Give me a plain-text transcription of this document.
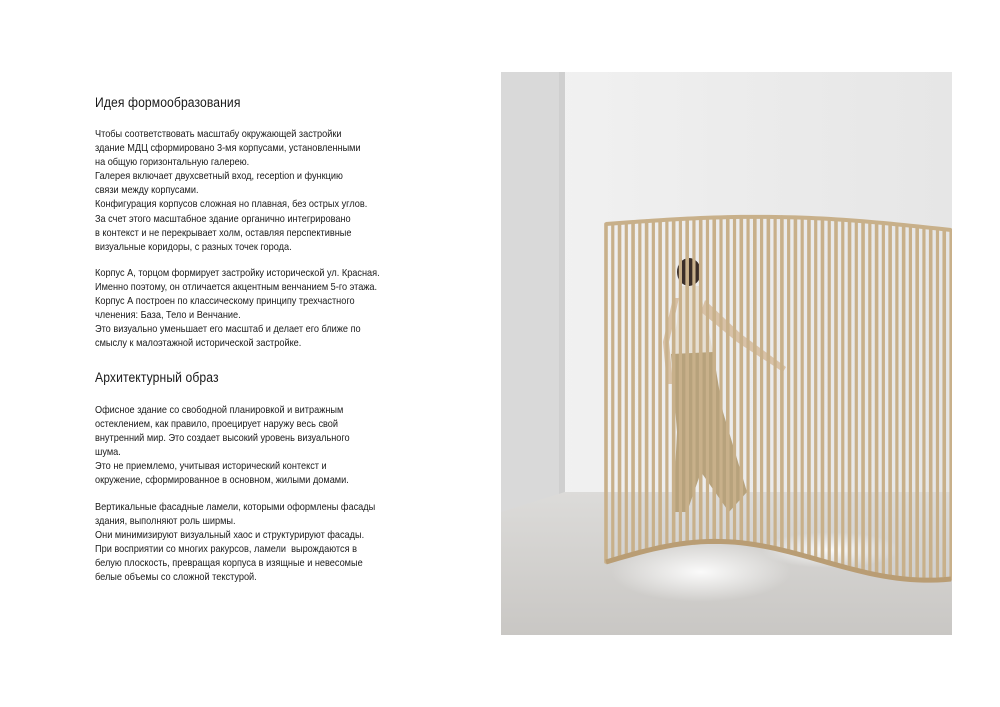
Идея формообразования

Чтобы соответствовать масштабу окружающей застройки
здание МДЦ сформировано 3-мя корпусами, установленными
на общую горизонтальную галерею.
Галерея включает двухсветный вход, reception и функцию
связи между корпусами.
Конфигурация корпусов сложная но плавная, без острых углов.
За счет этого масштабное здание органично интегрировано
в контекст и не перекрывает холм, оставляя перспективные
визуальные коридоры, с разных точек города.

Корпус А, торцом формирует застройку исторической ул. Красная.
Именно поэтому, он отличается акцентным венчанием 5-го этажа.
Корпус А построен по классическому принципу трехчастного
членения: База, Тело и Венчание.
Это визуально уменьшает его масштаб и делает его ближе по
смыслу к малоэтажной исторической застройке.

Архитектурный образ

Офисное здание со свободной планировкой и витражным
остеклением, как правило, проецирует наружу весь свой
внутренний мир. Это создает высокий уровень визуального
шума.
Это не приемлемо, учитывая исторический контекст и
окружение, сформированное в основном, жилыми домами.

Вертикальные фасадные ламели, которыми оформлены фасады
здания, выполняют роль ширмы.
Они минимизируют визуальный хаос и структурируют фасады.
При восприятии со многих ракурсов, ламели  вырождаются в
белую плоскость, превращая корпуса в изящные и невесомые
белые объемы со сложной текстурой.
